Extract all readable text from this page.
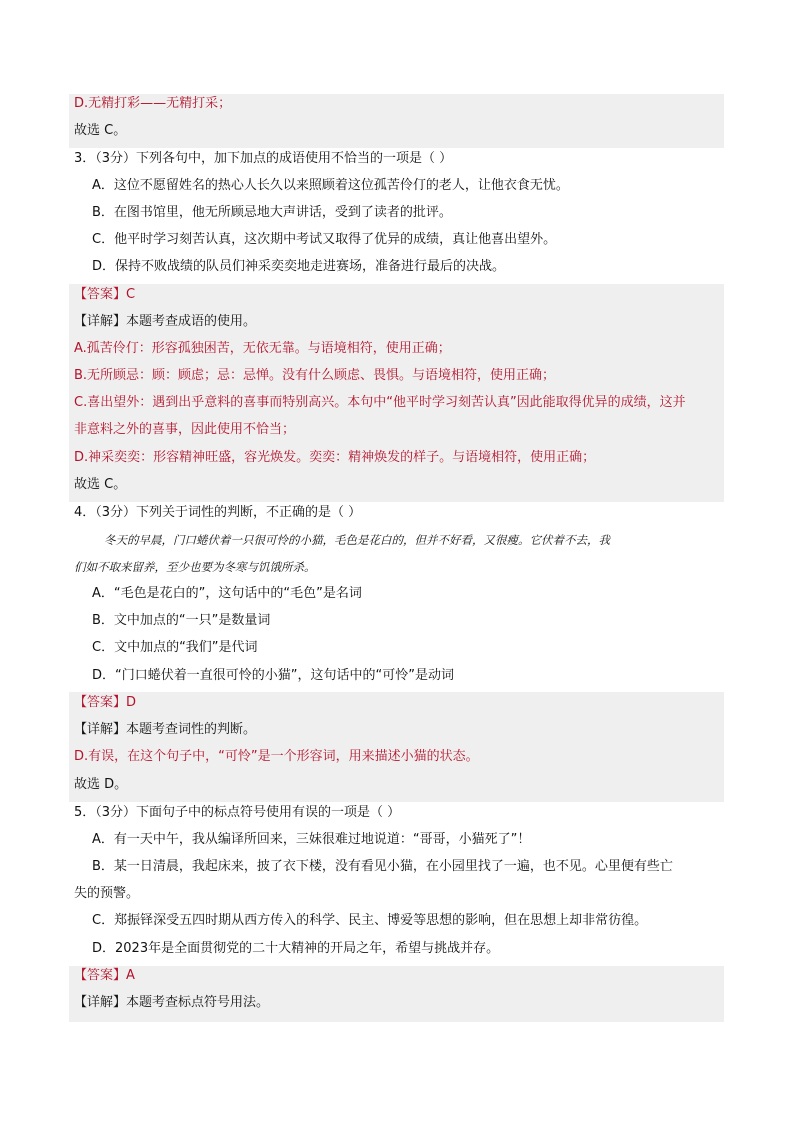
D.无精打彩——无精打采；
故选 C。
3．（3分）下列各句中，加下加点的成语使用不恰当的一项是（ ）
A．这位不愿留姓名的热心人长久以来照顾着这位孤苦伶仃的老人，让他衣食无忧。
B．在图书馆里，他无所顾忌地大声讲话，受到了读者的批评。
C．他平时学习刻苦认真，这次期中考试又取得了优异的成绩，真让他喜出望外。
D．保持不败战绩的队员们神采奕奕地走进赛场，准备进行最后的决战。
【答案】C
【详解】本题考查成语的使用。
A.孤苦伶仃：形容孤独困苦，无依无靠。与语境相符，使用正确；
B.无所顾忌：顾：顾虑；忌：忌惮。没有什么顾虑、畏惧。与语境相符，使用正确；
C.喜出望外：遇到出乎意料的喜事而特别高兴。本句中“他平时学习刻苦认真”因此能取得优异的成绩，这并
非意料之外的喜事，因此使用不恰当；
D.神采奕奕：形容精神旺盛，容光焕发。奕奕：精神焕发的样子。与语境相符，使用正确；
故选 C。
4．（3分）下列关于词性的判断，不正确的是（ ）
冬天的早晨，门口蜷伏着一只很可怜的小猫，毛色是花白的，但并不好看，又很瘦。它伏着不去，我
们如不取来留养，至少也要为冬寒与饥饿所杀。
A．“毛色是花白的”，这句话中的“毛色”是名词
B．文中加点的“一只”是数量词
C．文中加点的“我们”是代词
D．“门口蜷伏着一直很可怜的小猫”，这句话中的“可怜”是动词
【答案】D
【详解】本题考查词性的判断。
D.有误，在这个句子中，“可怜”是一个形容词，用来描述小猫的状态。
故选 D。
5．（3分）下面句子中的标点符号使用有误的一项是（ ）
A．有一天中午，我从编译所回来，三妹很难过地说道：“哥哥，小猫死了”！
B．某一日清晨，我起床来，披了衣下楼，没有看见小猫，在小园里找了一遍，也不见。心里便有些亡
失的预警。
C．郑振铎深受五四时期从西方传入的科学、民主、博爱等思想的影响，但在思想上却非常彷徨。
D．2023年是全面贯彻党的二十大精神的开局之年，希望与挑战并存。
【答案】A
【详解】本题考查标点符号用法。
